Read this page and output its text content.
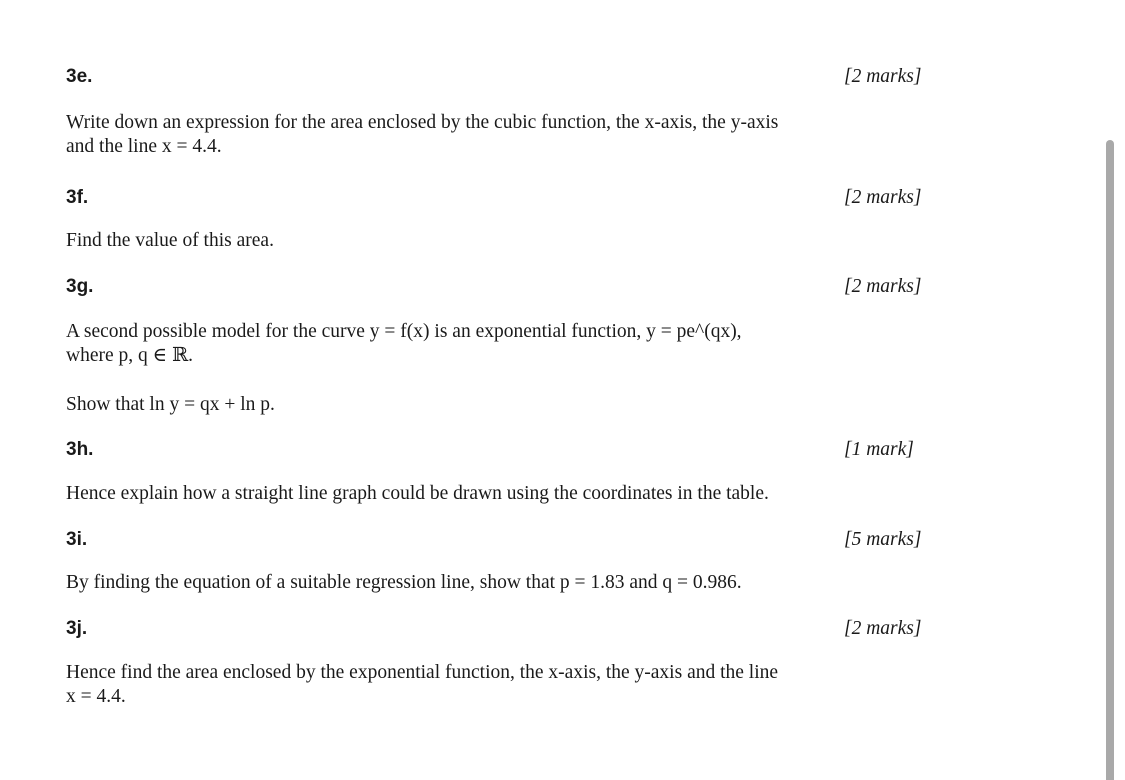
3e.	[2 marks]
Write down an expression for the area enclosed by the cubic function, the x-axis, the y-axis
and the line x = 4.4.
3f.	[2 marks]
Find the value of this area.
3g.	[2 marks]
A second possible model for the curve y = f(x) is an exponential function, y = pe^(qx),
where p, q ∈ ℝ.
Show that ln y = qx + ln p.
3h.	[1 mark]
Hence explain how a straight line graph could be drawn using the coordinates in the table.
3i.	[5 marks]
By finding the equation of a suitable regression line, show that p = 1.83 and q = 0.986.
3j.	[2 marks]
Hence find the area enclosed by the exponential function, the x-axis, the y-axis and the line
x = 4.4.
